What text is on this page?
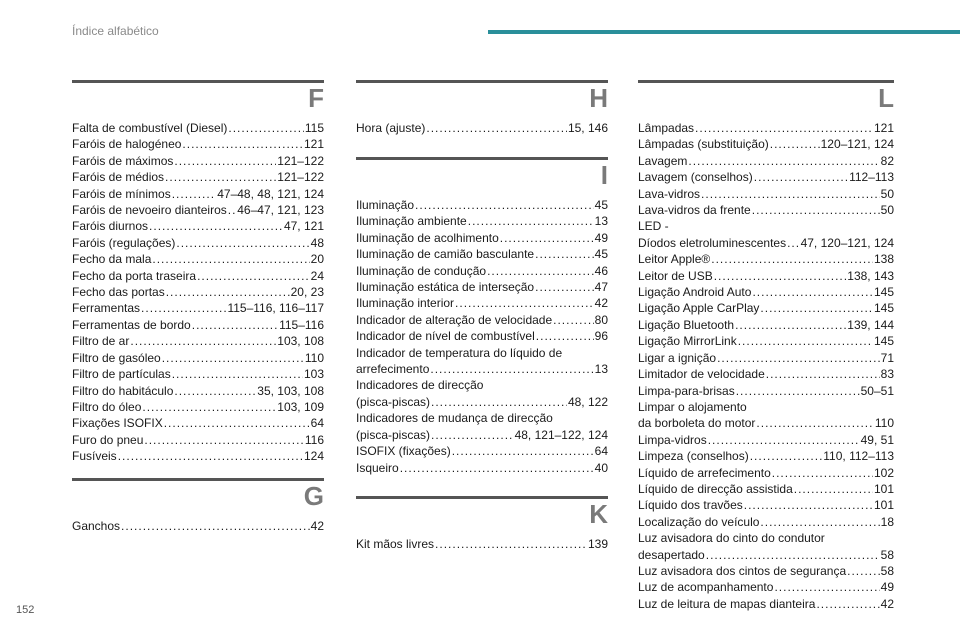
Índice alfabético
F
Falta de combustível (Diesel) .....	115
Faróis de halogéneo .....	121
Faróis de máximos .....	121–122
Faróis de médios .....	121–122
Faróis de mínimos .....	47–48, 48, 121, 124
Faróis de nevoeiro dianteiros ..... 46–47, 121, 123
Faróis diurnos .....	47, 121
Faróis (regulações) .....	48
Fecho da mala .....	20
Fecho da porta traseira .....	24
Fecho das portas .....	20, 23
Ferramentas .....	115–116, 116–117
Ferramentas de bordo .....	115–116
Filtro de ar .....	103, 108
Filtro de gasóleo .....	110
Filtro de partículas .....	103
Filtro do habitáculo .....	35, 103, 108
Filtro do óleo .....	103, 109
Fixações ISOFIX .....	64
Furo do pneu .....	116
Fusíveis .....	124
G
Ganchos .....	42
H
Hora (ajuste) .....	15, 146
I
Iluminação .....	45
Iluminação ambiente .....	13
Iluminação de acolhimento .....	49
Iluminação de camião basculante .....	45
Iluminação de condução .....	46
Iluminação estática de interseção .....	47
Iluminação interior .....	42
Indicador de alteração de velocidade .....	80
Indicador de nível de combustível .....	96
Indicador de temperatura do líquido de
arrefecimento .....	13
Indicadores de direcção
(pisca-piscas) .....	48, 122
Indicadores de mudança de direcção
(pisca-piscas) .....	48, 121–122, 124
ISOFIX (fixações) .....	64
Isqueiro .....	40
K
Kit mãos livres .....	139
L
Lâmpadas .....	121
Lâmpadas (substituição) .....	120–121, 124
Lavagem .....	82
Lavagem (conselhos) .....	112–113
Lava-vidros .....	50
Lava-vidros da frente .....	50
LED -
Díodos eletroluminescentes ..... 47, 120–121, 124
Leitor Apple® .....	138
Leitor de USB .....	138, 143
Ligação Android Auto .....	145
Ligação Apple CarPlay .....	145
Ligação Bluetooth .....	139, 144
Ligação MirrorLink .....	145
Ligar a ignição .....	71
Limitador de velocidade .....	83
Limpa-para-brisas .....	50–51
Limpar o alojamento
da borboleta do motor .....	110
Limpa-vidros .....	49, 51
Limpeza (conselhos) .....	110, 112–113
Líquido de arrefecimento .....	102
Líquido de direcção assistida .....	101
Líquido dos travões .....	101
Localização do veículo .....	18
Luz avisadora do cinto do condutor
desapertado .....	58
Luz avisadora dos cintos de segurança .....	58
Luz de acompanhamento .....	49
Luz de leitura de mapas dianteira .....	42
152
